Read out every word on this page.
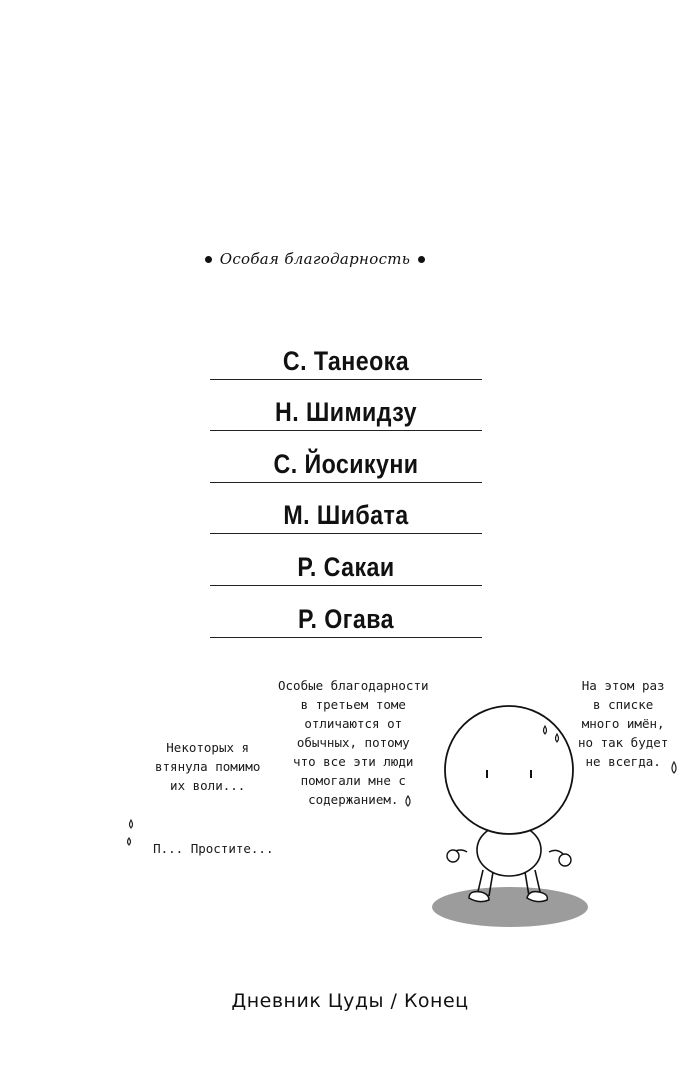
Особая благодарность
С. Танеока
Н. Шимидзу
С. Йосикуни
М. Шибата
Р. Сакаи
Р. Огава
Некоторых я
втянула помимо
их воли...

П... Простите...

Особые благодарности
в третьем томе
отличаются от
обычных, потому
что все эти люди
помогали мне с
содержанием.
На этом раз
в списке
много имён,
но так будет
не всегда.
Дневник Цуды / Конец
